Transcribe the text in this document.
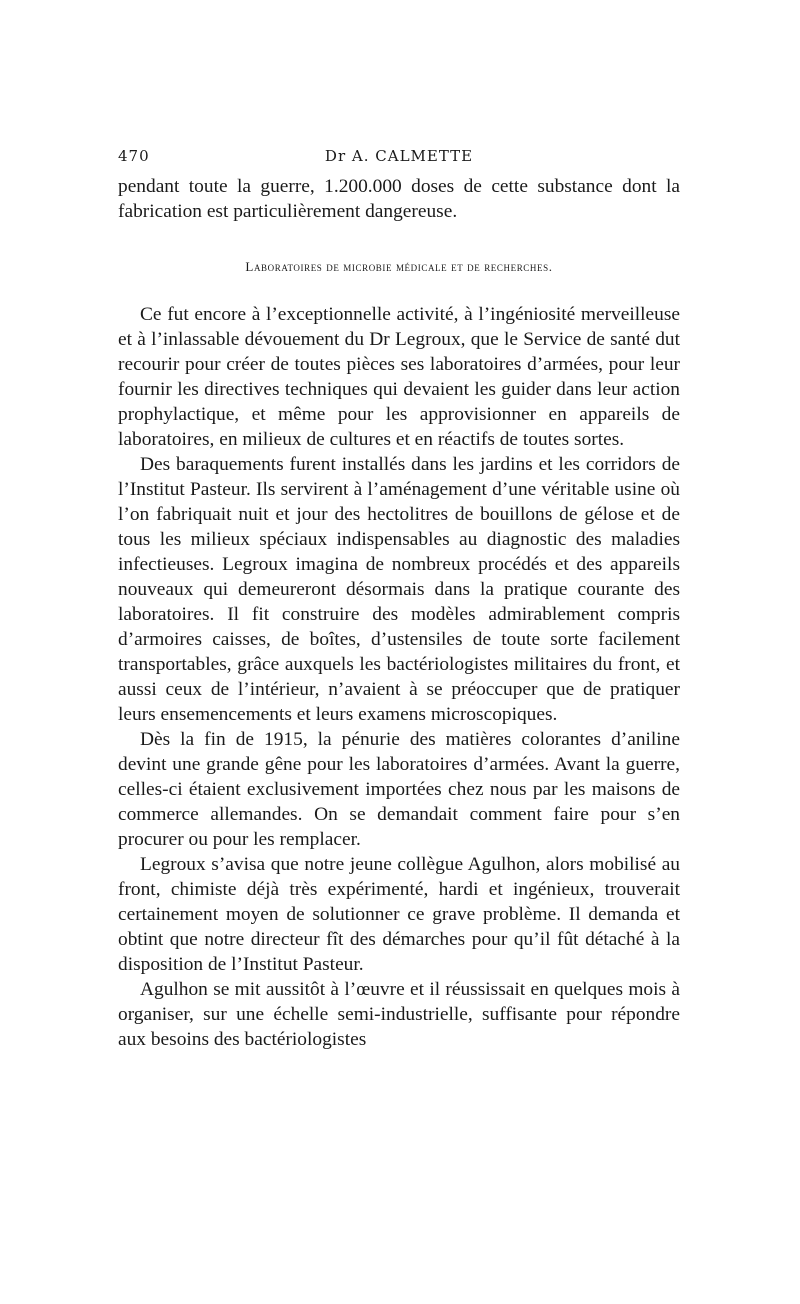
470	Dr A. CALMETTE

pendant toute la guerre, 1.200.000 doses de cette substance dont la fabrication est particulièrement dangereuse.

Laboratoires de microbie médicale et de recherches.

Ce fut encore à l’exceptionnelle activité, à l’ingéniosité merveilleuse et à l’inlassable dévouement du Dr Legroux, que le Service de santé dut recourir pour créer de toutes pièces ses laboratoires d’armées, pour leur fournir les directives techniques qui devaient les guider dans leur action prophylactique, et même pour les approvisionner en appareils de laboratoires, en milieux de cultures et en réactifs de toutes sortes.

Des baraquements furent installés dans les jardins et les corridors de l’Institut Pasteur. Ils servirent à l’aménagement d’une véritable usine où l’on fabriquait nuit et jour des hectolitres de bouillons de gélose et de tous les milieux spéciaux indispensables au diagnostic des maladies infectieuses. Legroux imagina de nombreux procédés et des appareils nouveaux qui demeureront désormais dans la pratique courante des laboratoires. Il fit construire des modèles admirablement compris d’armoires caisses, de boîtes, d’ustensiles de toute sorte facilement transportables, grâce auxquels les bactériologistes militaires du front, et aussi ceux de l’intérieur, n’avaient à se préoccuper que de pratiquer leurs ensemencements et leurs examens microscopiques.

Dès la fin de 1915, la pénurie des matières colorantes d’aniline devint une grande gêne pour les laboratoires d’armées. Avant la guerre, celles-ci étaient exclusivement importées chez nous par les maisons de commerce allemandes. On se demandait comment faire pour s’en procurer ou pour les remplacer.

Legroux s’avisa que notre jeune collègue Agulhon, alors mobilisé au front, chimiste déjà très expérimenté, hardi et ingénieux, trouverait certainement moyen de solutionner ce grave problème. Il demanda et obtint que notre directeur fît des démarches pour qu’il fût détaché à la disposition de l’Institut Pasteur.

Agulhon se mit aussitôt à l’œuvre et il réussissait en quelques mois à organiser, sur une échelle semi-industrielle, suffisante pour répondre aux besoins des bactériologistes
